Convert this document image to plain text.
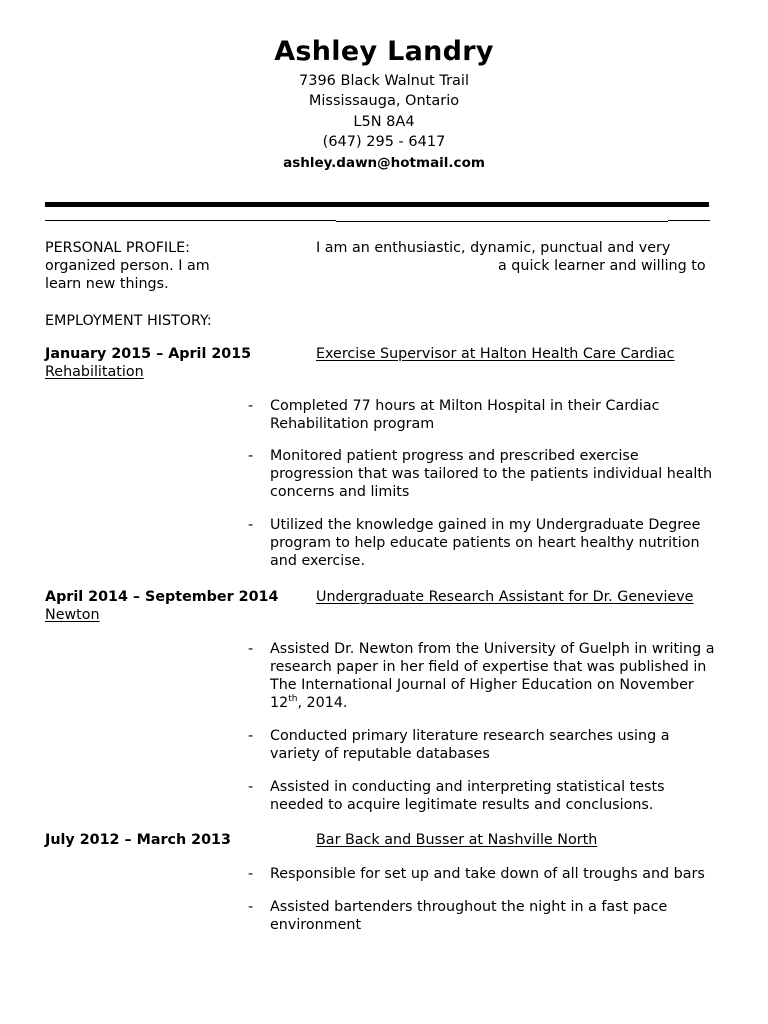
Ashley Landry
7396 Black Walnut Trail
Mississauga, Ontario
L5N 8A4
(647) 295 - 6417
ashley.dawn@hotmail.com
PERSONAL PROFILE:	I am an enthusiastic, dynamic, punctual and very
organized person. I am	a quick learner and willing to
learn new things.
EMPLOYMENT HISTORY:
January 2015 – April 2015	Exercise Supervisor at Halton Health Care Cardiac
Rehabilitation
- Completed 77 hours at Milton Hospital in their Cardiac Rehabilitation program
- Monitored patient progress and prescribed exercise progression that was tailored to the patients individual health concerns and limits
- Utilized the knowledge gained in my Undergraduate Degree program to help educate patients on heart healthy nutrition and exercise.
April 2014 – September 2014	Undergraduate Research Assistant for Dr. Genevieve
Newton
- Assisted Dr. Newton from the University of Guelph in writing a research paper in her field of expertise that was published in The International Journal of Higher Education on November 12th, 2014.
- Conducted primary literature research searches using a variety of reputable databases
- Assisted in conducting and interpreting statistical tests needed to acquire legitimate results and conclusions.
July 2012 – March 2013	Bar Back and Busser at Nashville North
- Responsible for set up and take down of all troughs and bars
- Assisted bartenders throughout the night in a fast pace environment
